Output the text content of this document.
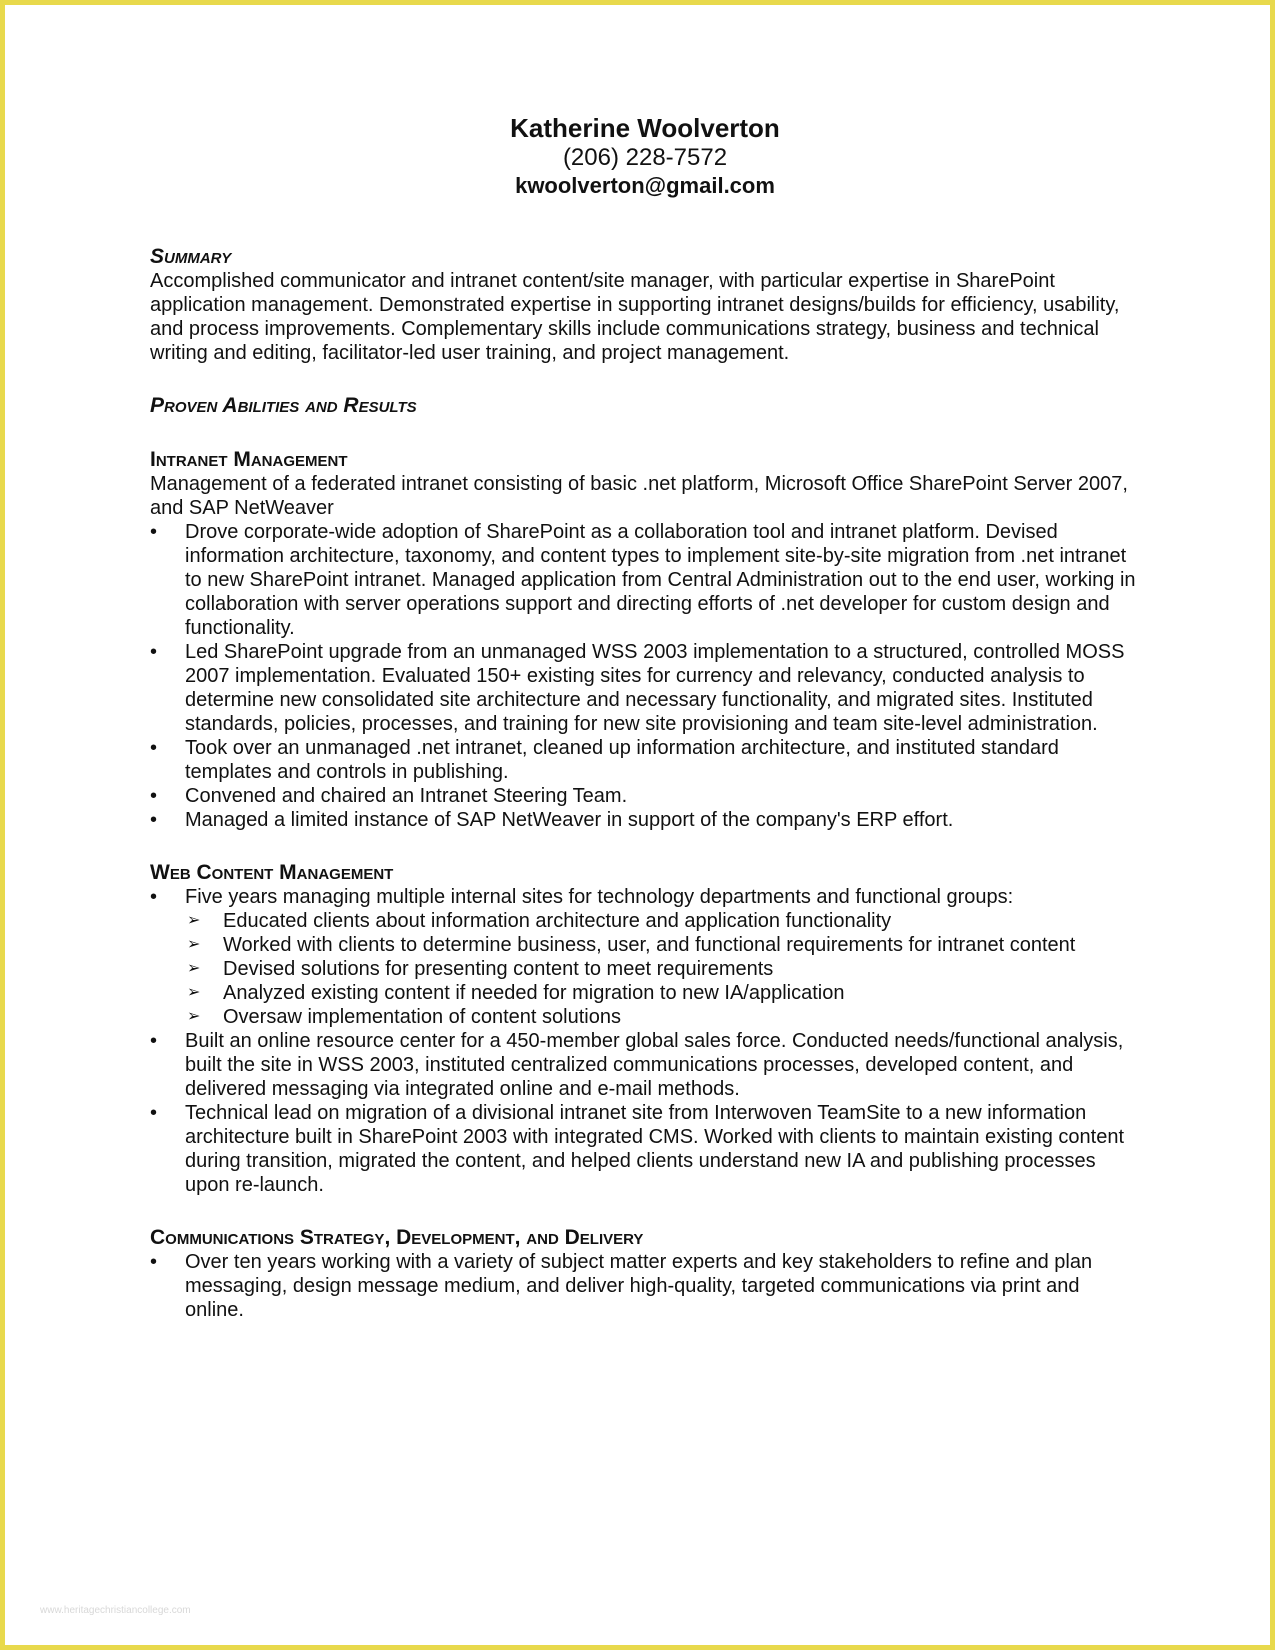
Katherine Woolverton
(206) 228-7572
kwoolverton@gmail.com
Summary

Accomplished communicator and intranet content/site manager, with particular expertise in SharePoint application management. Demonstrated expertise in supporting intranet designs/builds for efficiency, usability, and process improvements. Complementary skills include communications strategy, business and technical writing and editing, facilitator-led user training, and project management.

Proven Abilities and Results
Intranet Management

Management of a federated intranet consisting of basic .net platform, Microsoft Office SharePoint Server 2007, and SAP NetWeaver

•	Drove corporate-wide adoption of SharePoint as a collaboration tool and intranet platform. Devised information architecture, taxonomy, and content types to implement site-by-site migration from .net intranet to new SharePoint intranet. Managed application from Central Administration out to the end user, working in collaboration with server operations support and directing efforts of .net developer for custom design and functionality.
•	Led SharePoint upgrade from an unmanaged WSS 2003 implementation to a structured, controlled MOSS 2007 implementation. Evaluated 150+ existing sites for currency and relevancy, conducted analysis to determine new consolidated site architecture and necessary functionality, and migrated sites. Instituted standards, policies, processes, and training for new site provisioning and team site-level administration.
•	Took over an unmanaged .net intranet, cleaned up information architecture, and instituted standard templates and controls in publishing.
•	Convened and chaired an Intranet Steering Team.
•	Managed a limited instance of SAP NetWeaver in support of the company's ERP effort.
Web Content Management
•	Five years managing multiple internal sites for technology departments and functional groups:
➢	Educated clients about information architecture and application functionality
➢	Worked with clients to determine business, user, and functional requirements for intranet content
➢	Devised solutions for presenting content to meet requirements
➢	Analyzed existing content if needed for migration to new IA/application
➢	Oversaw implementation of content solutions
•	Built an online resource center for a 450-member global sales force. Conducted needs/functional analysis, built the site in WSS 2003, instituted centralized communications processes, developed content, and delivered messaging via integrated online and e-mail methods.
•	Technical lead on migration of a divisional intranet site from Interwoven TeamSite to a new information architecture built in SharePoint 2003 with integrated CMS. Worked with clients to maintain existing content during transition, migrated the content, and helped clients understand new IA and publishing processes upon re-launch.
Communications Strategy, Development, and Delivery
•	Over ten years working with a variety of subject matter experts and key stakeholders to refine and plan messaging, design message medium, and deliver high-quality, targeted communications via print and online.
www.heritagechristiancollege.com
